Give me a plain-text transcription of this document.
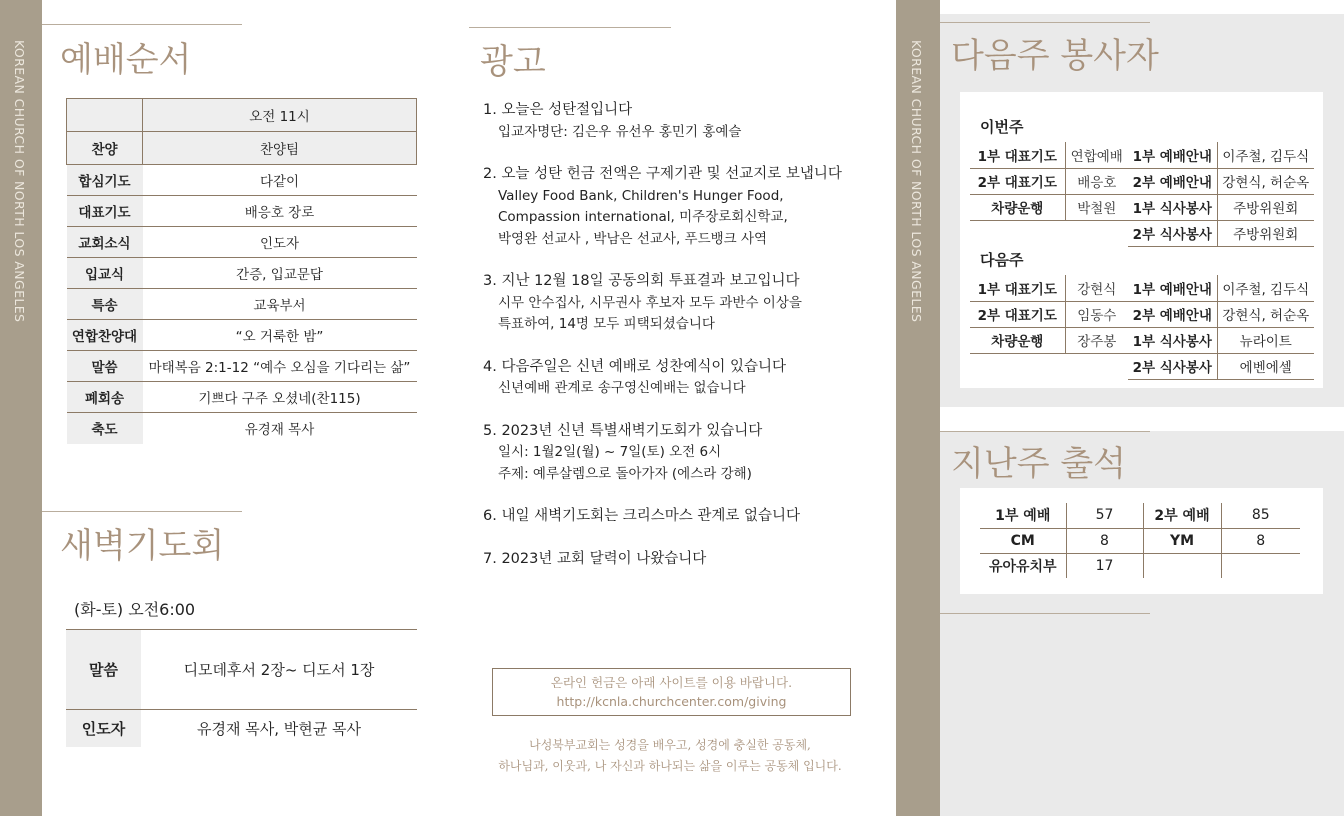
KOREAN CHURCH OF NORTH LOS ANGELES 예배순서
	오전 11시
찬양	찬양팀
합심기도	다같이
대표기도	배응호 장로
교회소식	인도자
입교식	간증, 입교문답
특송	교육부서
연합찬양대	“오 거룩한 밤”
말씀	마태복음 2:1-12 “예수 오심을 기다리는 삶”
폐회송	기쁘다 구주 오셨네(찬115)
축도	유경재 목사
새벽기도회
(화-토) 오전6:00
말씀	디모데후서 2장~ 디도서 1장
인도자	유경재 목사, 박현균 목사
광고
1. 오늘은 성탄절입니다
입교자명단: 김은우 유선우 홍민기 홍예슬
2. 오늘 성탄 헌금 전액은 구제기관 및 선교지로 보냅니다
Valley Food Bank, Children's Hunger Food,
Compassion international, 미주장로회신학교,
박영완 선교사 , 박남은 선교사, 푸드뱅크 사역
3. 지난 12월 18일 공동의회 투표결과 보고입니다
시무 안수집사, 시무권사 후보자 모두 과반수 이상을
특표하여, 14명 모두 피택되셨습니다
4. 다음주일은 신년 예배로 성찬예식이 있습니다
신년예배 관계로 송구영신예배는 없습니다
5. 2023년 신년 특별새벽기도회가 있습니다
일시: 1월2일(월) ~ 7일(토) 오전 6시
주제: 예루살렘으로 돌아가자 (에스라 강해)
6. 내일 새벽기도회는 크리스마스 관계로 없습니다
7. 2023년 교회 달력이 나왔습니다
온라인 헌금은 아래 사이트를 이용 바랍니다.
http://kcnla.churchcenter.com/giving
나성북부교회는 성경을 배우고, 성경에 충실한 공동체,
하나님과, 이웃과, 나 자신과 하나되는 삶을 이루는 공동체 입니다.
KOREAN CHURCH OF NORTH LOS ANGELES 다음주 봉사자
이번주
1부 대표기도	연합예배	1부 예배안내	이주철, 김두식
2부 대표기도	배응호	2부 예배안내	강현식, 허순옥
차량운행	박철원	1부 식사봉사	주방위원회
		2부 식사봉사	주방위원회
다음주
1부 대표기도	강현식	1부 예배안내	이주철, 김두식
2부 대표기도	임동수	2부 예배안내	강현식, 허순옥
차량운행	장주봉	1부 식사봉사	뉴라이트
		2부 식사봉사	에벤에셀
지난주 출석
1부 예배	57	2부 예배	85
CM	8	YM	8
유아유치부	17		
